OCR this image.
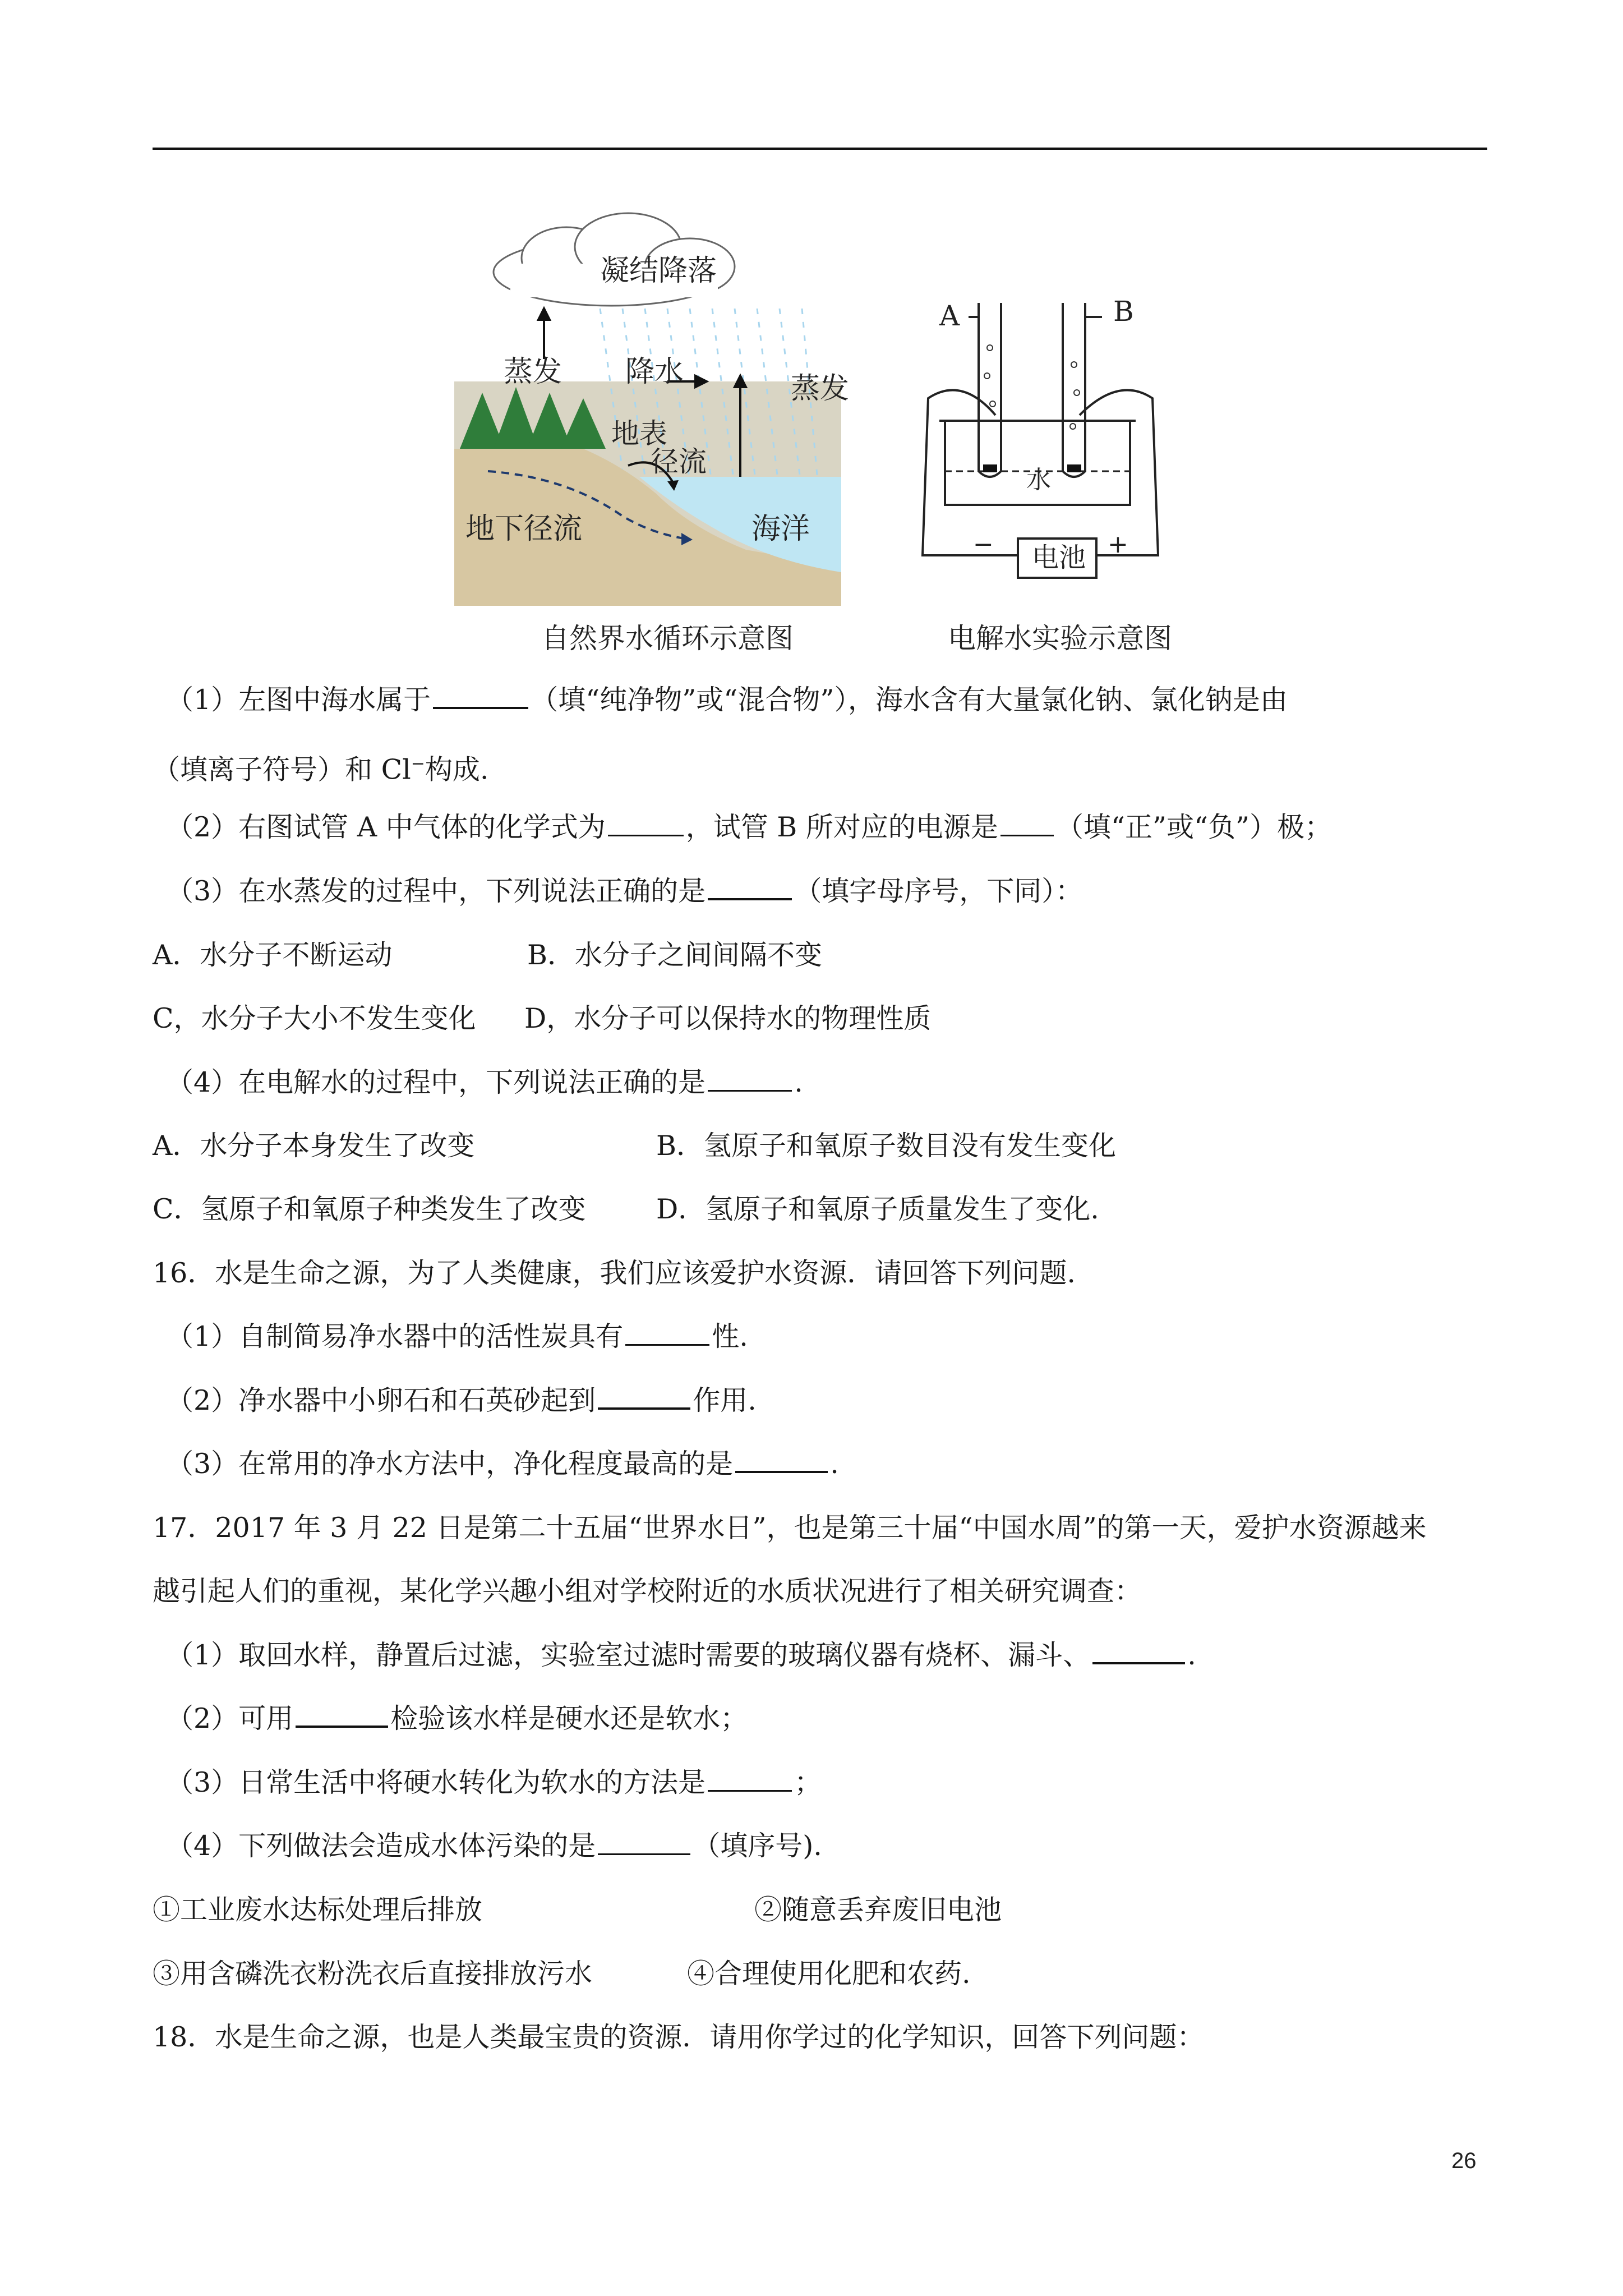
凝结降落
蒸发 降水	蒸发
地表
径流
地下径流	海洋
自然界水循环示意图
A	B
水
电池
−	+
电解水实验示意图
（1）左图中海水属于	（填“纯净物”或“混合物”），海水含有大量氯化钠、氯化钠是由
（填离子符号）和 Cl−构成.
（2）右图试管 A 中气体的化学式为	，试管 B 所对应的电源是 （填“正”或“负”）极；
（3）在水蒸发的过程中，下列说法正确的是	（填字母序号，下同）：
A．水分子不断运动	B．水分子之间间隔不变
C，水分子大小不发生变化 D，水分子可以保持水的物理性质
（4）在电解水的过程中，下列说法正确的是	.
A．水分子本身发生了改变	B．氢原子和氧原子数目没有发生变化
C．氢原子和氧原子种类发生了改变	D．氢原子和氧原子质量发生了变化.
16．水是生命之源，为了人类健康，我们应该爱护水资源．请回答下列问题.
（1）自制简易净水器中的活性炭具有	性.
（2）净水器中小卵石和石英砂起到	作用.
（3）在常用的净水方法中，净化程度最高的是	.
17．2017 年 3 月 22 日是第二十五届“世界水日”，也是第三十届“中国水周”的第一天，爱护水资源越来
越引起人们的重视，某化学兴趣小组对学校附近的水质状况进行了相关研究调查：
（1）取回水样，静置后过滤，实验室过滤时需要的玻璃仪器有烧杯、漏斗、	.
（2）可用	检验该水样是硬水还是软水；
（3）日常生活中将硬水转化为软水的方法是	；
（4）下列做法会造成水体污染的是	（填序号).
①工业废水达标处理后排放	②随意丢弃废旧电池
③用含磷洗衣粉洗衣后直接排放污水	④合理使用化肥和农药.
18．水是生命之源，也是人类最宝贵的资源．请用你学过的化学知识，回答下列问题：
26
